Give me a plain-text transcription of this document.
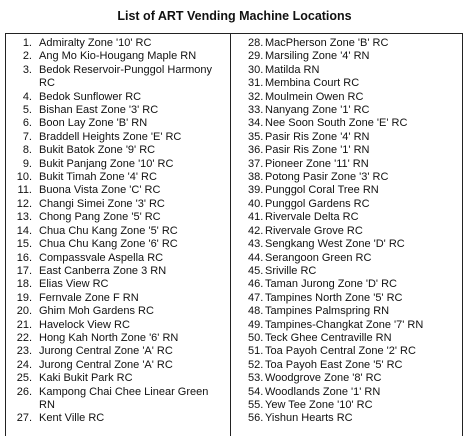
List of ART Vending Machine Locations
1. Admiralty Zone '10' RC
2. Ang Mo Kio-Hougang Maple RN
3. Bedok Reservoir-Punggol Harmony RC
4. Bedok Sunflower RC
5. Bishan East Zone '3' RC
6. Boon Lay Zone 'B' RN
7. Braddell Heights Zone 'E' RC
8. Bukit Batok Zone '9' RC
9. Bukit Panjang Zone '10' RC
10. Bukit Timah Zone '4' RC
11. Buona Vista Zone 'C' RC
12. Changi Simei Zone '3' RC
13. Chong Pang Zone '5' RC
14. Chua Chu Kang Zone '5' RC
15. Chua Chu Kang Zone '6' RC
16. Compassvale Aspella RC
17. East Canberra Zone 3 RN
18. Elias View RC
19. Fernvale Zone F RN
20. Ghim Moh Gardens RC
21. Havelock View RC
22. Hong Kah North Zone '6' RN
23. Jurong Central Zone 'A' RC
24. Jurong Central Zone 'A' RC
25. Kaki Bukit Park RC
26. Kampong Chai Chee Linear Green RN
27. Kent Ville RC
28. MacPherson Zone 'B' RC
29. Marsiling Zone '4' RN
30. Matilda RN
31. Membina Court RC
32. Moulmein Owen RC
33. Nanyang Zone '1' RC
34. Nee Soon South Zone 'E' RC
35. Pasir Ris Zone '4' RN
36. Pasir Ris Zone '1' RN
37. Pioneer Zone '11' RN
38. Potong Pasir Zone '3' RC
39. Punggol Coral Tree RN
40. Punggol Gardens RC
41. Rivervale Delta RC
42. Rivervale Grove RC
43. Sengkang West Zone 'D' RC
44. Serangoon Green RC
45. Sriville RC
46. Taman Jurong Zone 'D' RC
47. Tampines North Zone '5' RC
48. Tampines Palmspring RN
49. Tampines-Changkat Zone '7' RN
50. Teck Ghee Centraville RN
51. Toa Payoh Central Zone '2' RC
52. Toa Payoh East Zone '5' RC
53. Woodgrove Zone '8' RC
54. Woodlands Zone '1' RN
55. Yew Tee Zone '10' RC
56. Yishun Hearts RC
